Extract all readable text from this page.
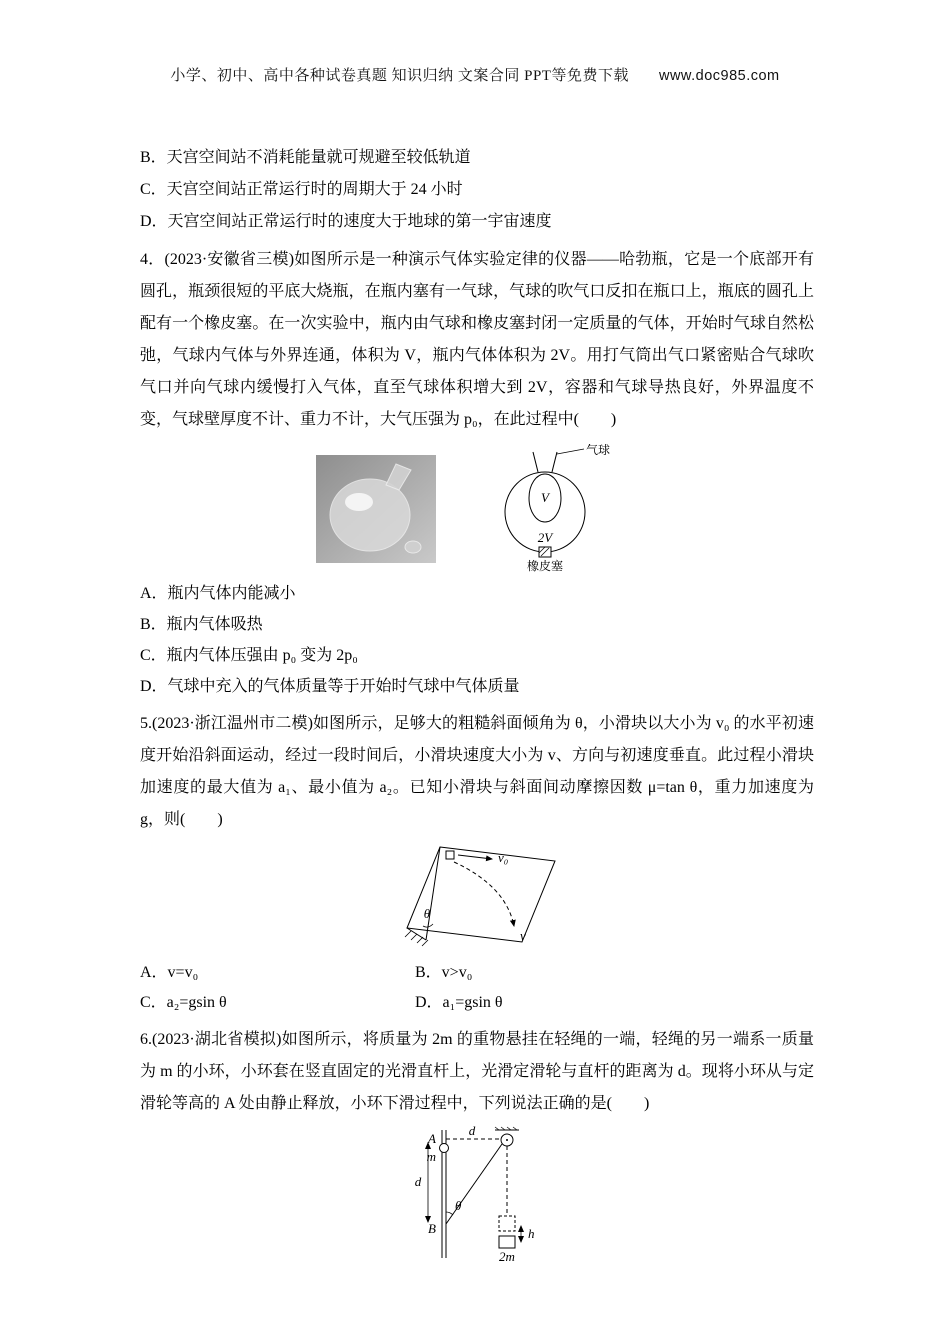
小学、初中、高中各种试卷真题 知识归纳 文案合同 PPT等免费下载 www.doc985.com
B．天宫空间站不消耗能量就可规避至较低轨道
C．天宫空间站正常运行时的周期大于 24 小时
D．天宫空间站正常运行时的速度大于地球的第一宇宙速度

4．(2023·安徽省三模)如图所示是一种演示气体实验定律的仪器——哈勃瓶，它是一个底部开有圆孔，瓶颈很短的平底大烧瓶，在瓶内塞有一气球，气球的吹气口反扣在瓶口上，瓶底的圆孔上配有一个橡皮塞。在一次实验中，瓶内由气球和橡皮塞封闭一定质量的气体，开始时气球自然松弛，气球内气体与外界连通，体积为 V，瓶内气体体积为 2V。用打气筒出气口紧密贴合气球吹气口并向气球内缓慢打入气体，直至气球体积增大到 2V，容器和气球导热良好，外界温度不变，气球壁厚度不计、重力不计，大气压强为 p₀，在此过程中(　　)

气球
V
2V
橡皮塞
A．瓶内气体内能减小
B．瓶内气体吸热
C．瓶内气体压强由 p₀ 变为 2p₀
D．气球中充入的气体质量等于开始时气球中气体质量

5.(2023·浙江温州市二模)如图所示，足够大的粗糙斜面倾角为 θ，小滑块以大小为 v₀ 的水平初速度开始沿斜面运动，经过一段时间后，小滑块速度大小为 v、方向与初速度垂直。此过程小滑块加速度的最大值为 a₁、最小值为 a₂。已知小滑块与斜面间动摩擦因数 μ=tan θ，重力加速度为 g，则(　　)

θ
v₀
v
A．v=v₀	B．v>v₀
C．a₂=gsin θ	D．a₁=gsin θ

6.(2023·湖北省模拟)如图所示，将质量为 2m 的重物悬挂在轻绳的一端，轻绳的另一端系一质量为 m 的小环，小环套在竖直固定的光滑直杆上，光滑定滑轮与直杆的距离为 d。现将小环从与定滑轮等高的 A 处由静止释放，小环下滑过程中，下列说法正确的是(　　)

A
m
d
θ
B
d
h
2m
